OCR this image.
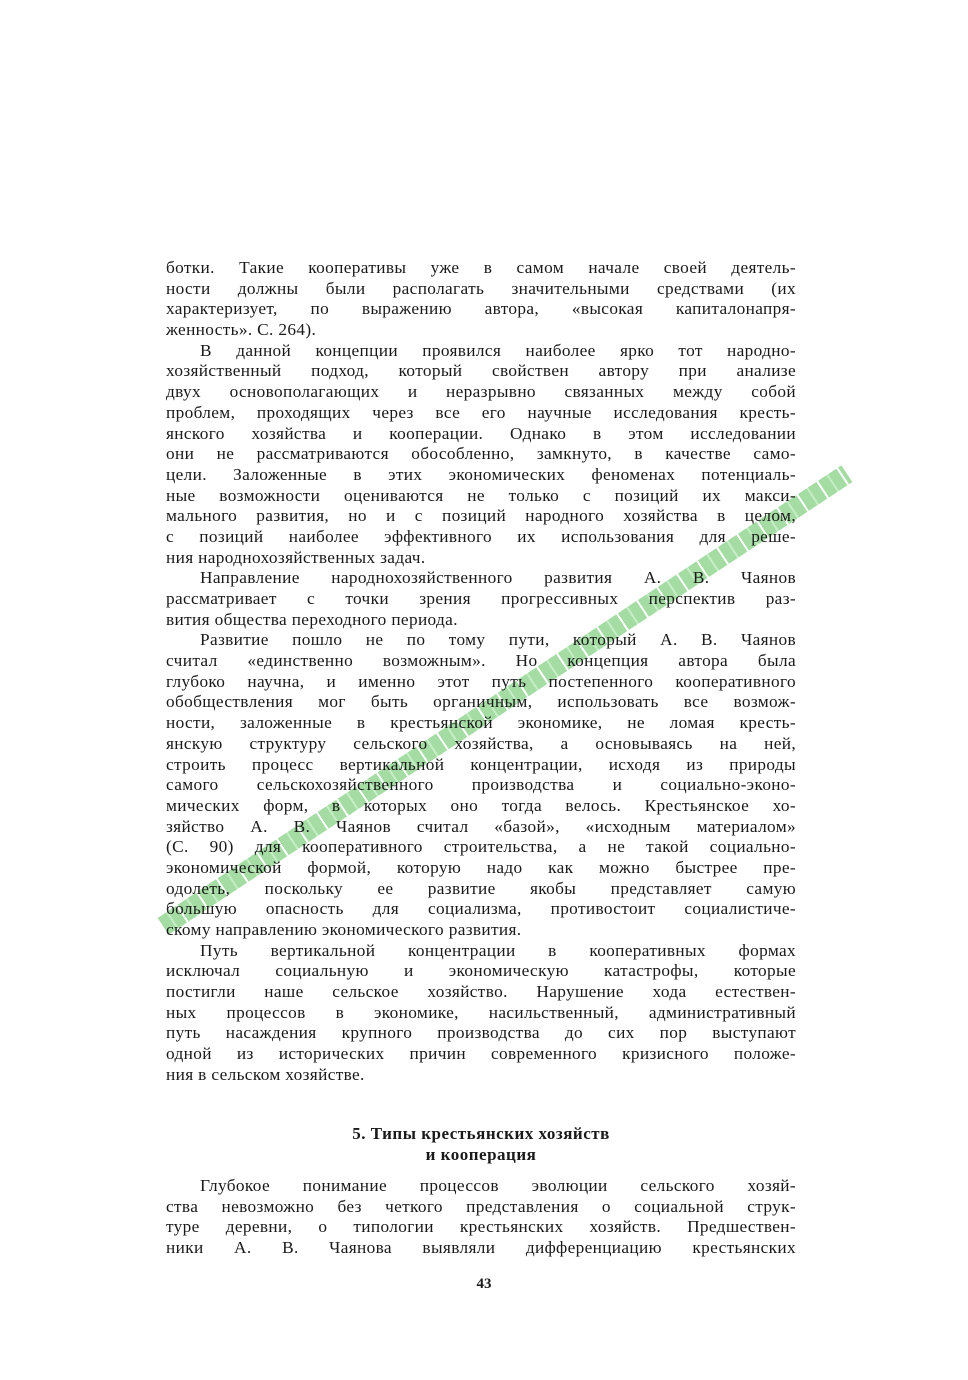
ботки. Такие кооперативы уже в самом начале своей деятель-
ности должны были располагать значительными средствами (их
характеризует, по выражению автора, «высокая капиталонапря-
женность». С. 264).
В данной концепции проявился наиболее ярко тот народно-
хозяйственный подход, который свойствен автору при анализе
двух основополагающих и неразрывно связанных между собой
проблем, проходящих через все его научные исследования кресть-
янского хозяйства и кооперации. Однако в этом исследовании
они не рассматриваются обособленно, замкнуто, в качестве само-
цели. Заложенные в этих экономических феноменах потенциаль-
ные возможности оцениваются не только с позиций их макси-
мального развития, но и с позиций народного хозяйства в целом,
с позиций наиболее эффективного их использования для реше-
ния народнохозяйственных задач.
Направление народнохозяйственного развития А. В. Чаянов
рассматривает с точки зрения прогрессивных перспектив раз-
вития общества переходного периода.
Развитие пошло не по тому пути, который А. В. Чаянов
считал «единственно возможным». Но концепция автора была
глубоко научна, и именно этот путь постепенного кооперативного
обобществления мог быть органичным, использовать все возмож-
ности, заложенные в крестьянской экономике, не ломая кресть-
янскую структуру сельского хозяйства, а основываясь на ней,
строить процесс вертикальной концентрации, исходя из природы
самого сельскохозяйственного производства и социально-эконо-
мических форм, в которых оно тогда велось. Крестьянское хо-
зяйство А. В. Чаянов считал «базой», «исходным материалом»
(С. 90) для кооперативного строительства, а не такой социально-
экономической формой, которую надо как можно быстрее пре-
одолеть, поскольку ее развитие якобы представляет самую
большую опасность для социализма, противостоит социалистиче-
скому направлению экономического развития.
Путь вертикальной концентрации в кооперативных формах
исключал социальную и экономическую катастрофы, которые
постигли наше сельское хозяйство. Нарушение хода естествен-
ных процессов в экономике, насильственный, административный
путь насаждения крупного производства до сих пор выступают
одной из исторических причин современного кризисного положе-
ния в сельском хозяйстве.
5. Типы крестьянских хозяйств
и кооперация
Глубокое понимание процессов эволюции сельского хозяй-
ства невозможно без четкого представления о социальной струк-
туре деревни, о типологии крестьянских хозяйств. Предшествен-
ники А. В. Чаянова выявляли дифференциацию крестьянских
43
